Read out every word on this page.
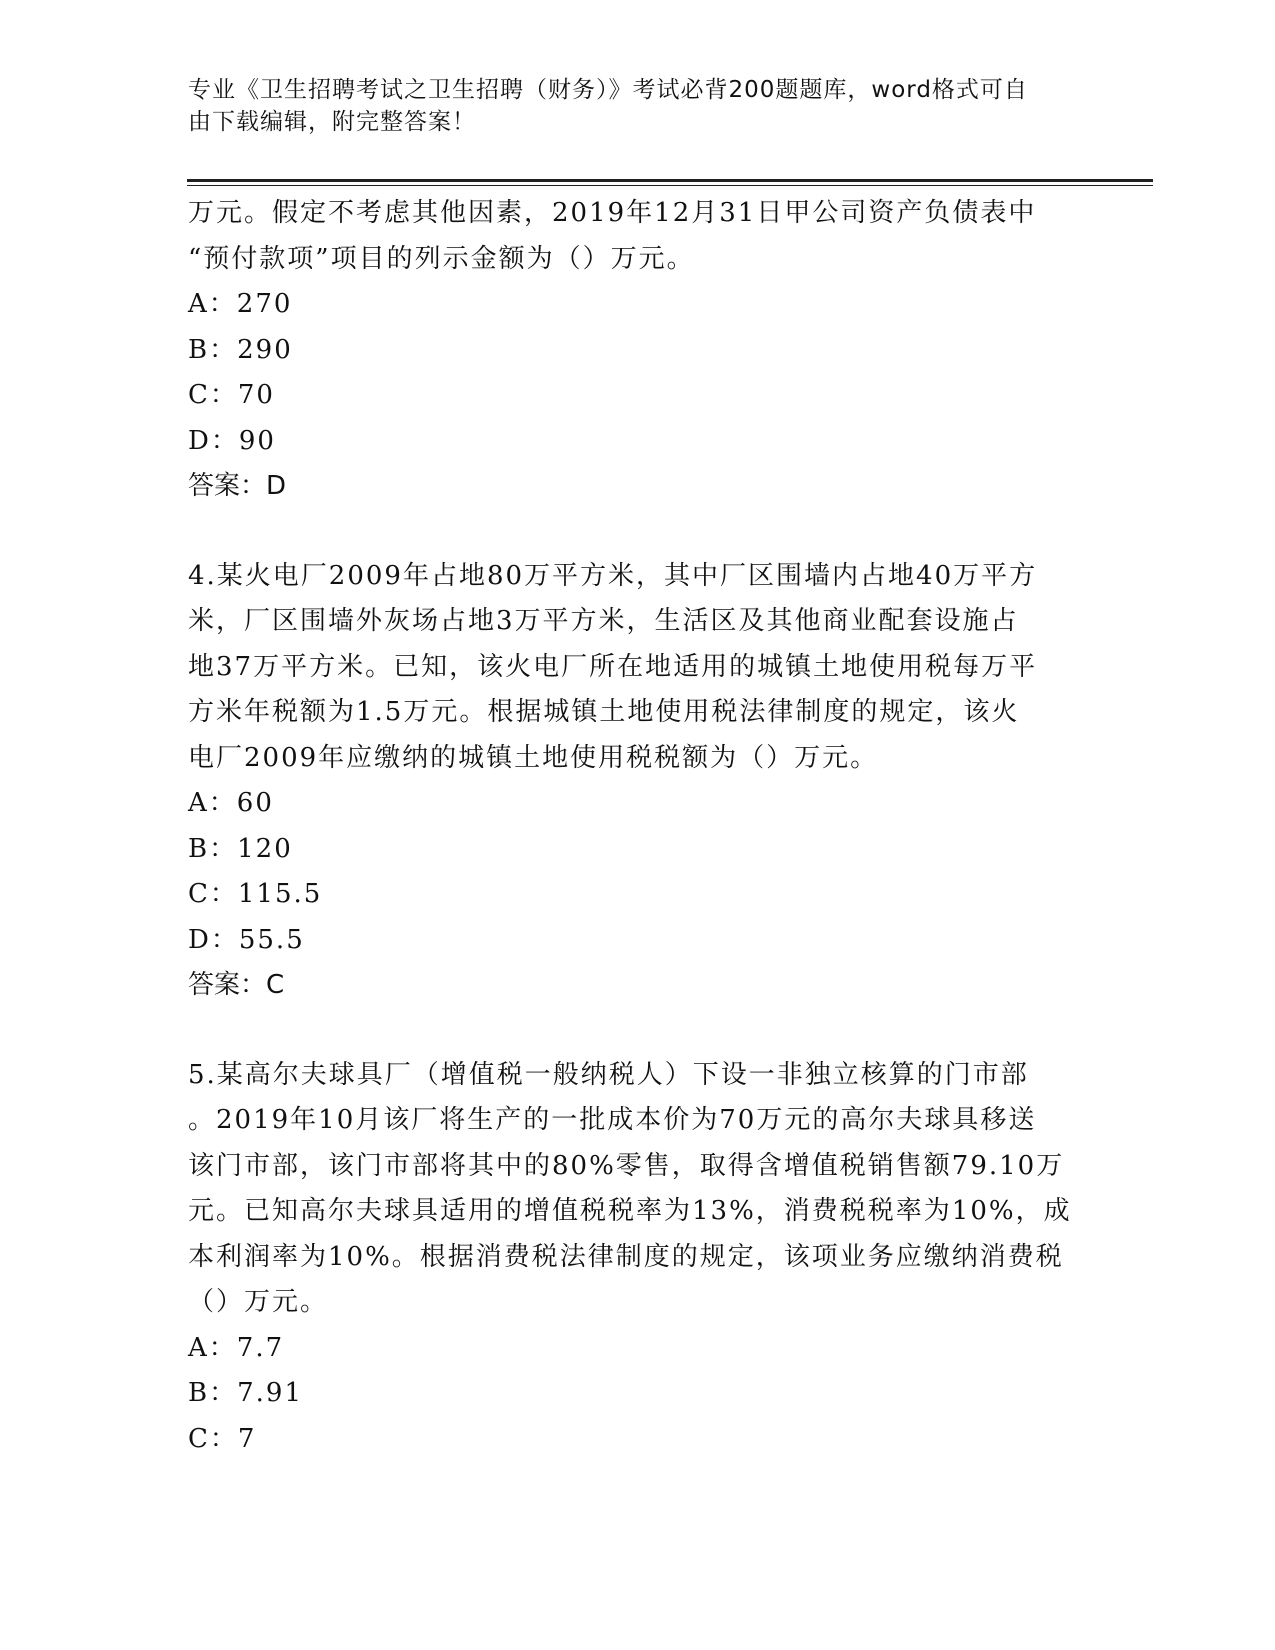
专业《卫生招聘考试之卫生招聘（财务）》考试必背200题题库，word格式可自
由下载编辑，附完整答案！

万元。假定不考虑其他因素，2019年12月31日甲公司资产负债表中

“预付款项”项目的列示金额为（）万元。

A：270

B：290

C：70

D：90

答案：D

4.某火电厂2009年占地80万平方米，其中厂区围墙内占地40万平方

米，厂区围墙外灰场占地3万平方米，生活区及其他商业配套设施占

地37万平方米。已知，该火电厂所在地适用的城镇土地使用税每万平

方米年税额为1.5万元。根据城镇土地使用税法律制度的规定，该火

电厂2009年应缴纳的城镇土地使用税税额为（）万元。

A：60

B：120

C：115.5

D：55.5

答案：C

5.某高尔夫球具厂（增值税一般纳税人）下设一非独立核算的门市部

。2019年10月该厂将生产的一批成本价为70万元的高尔夫球具移送

该门市部，该门市部将其中的80%零售，取得含增值税销售额79.10万

元。已知高尔夫球具适用的增值税税率为13%，消费税税率为10%，成

本利润率为10%。根据消费税法律制度的规定，该项业务应缴纳消费税

（）万元。

A：7.7

B：7.91

C：7
